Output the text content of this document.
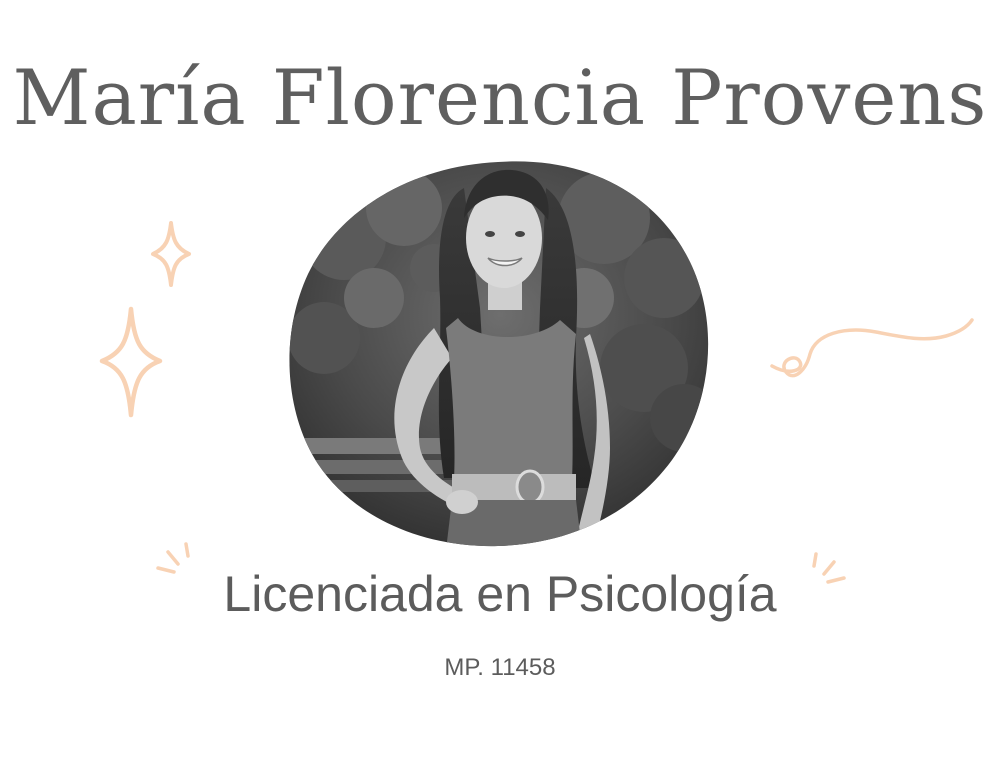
María Florencia Provens
Licenciada en Psicología
MP. 11458
